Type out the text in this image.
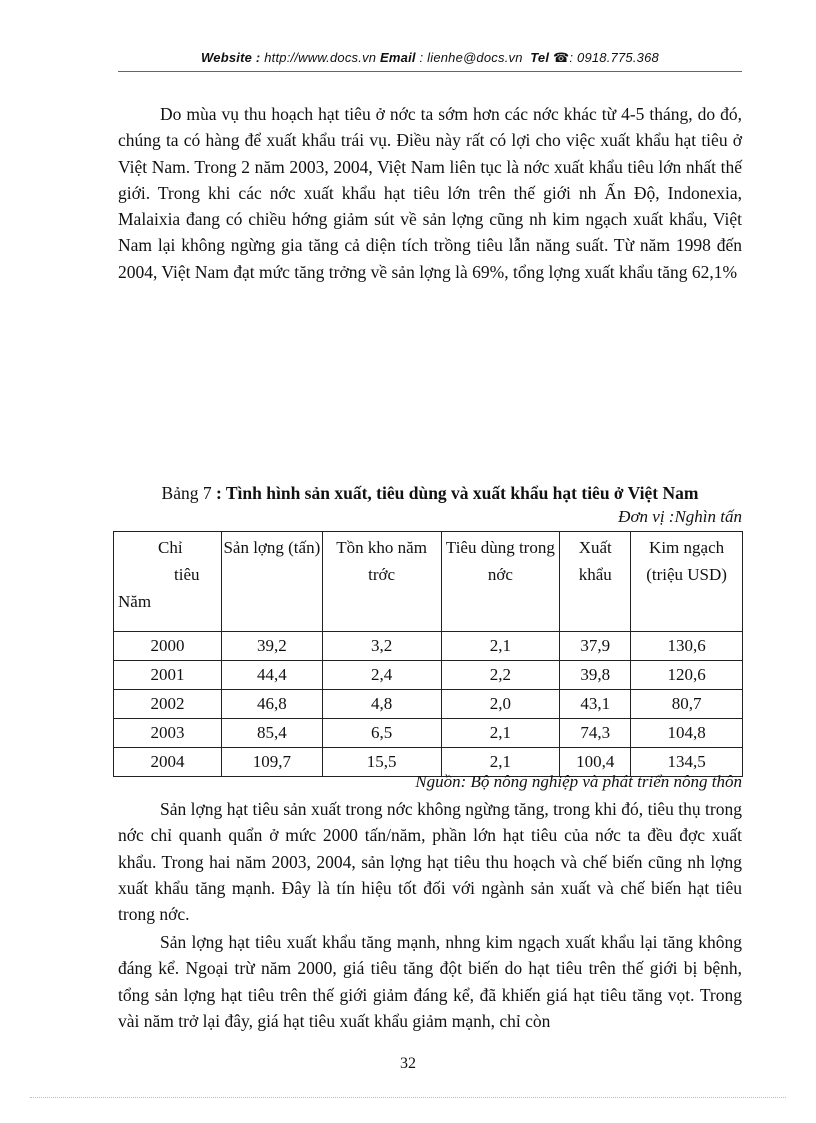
Website : http://www.docs.vn Email : lienhe@docs.vn Tel ☎: 0918.775.368

Do mùa vụ thu hoạch hạt tiêu ở nớc ta sớm hơn các nớc khác từ 4-5 tháng, do đó, chúng ta có hàng để xuất khẩu trái vụ. Điều này rất có lợi cho việc xuất khẩu hạt tiêu ở Việt Nam. Trong 2 năm 2003, 2004, Việt Nam liên tục là nớc xuất khẩu tiêu lớn nhất thế giới. Trong khi các nớc xuất khẩu hạt tiêu lớn trên thế giới nh Ấn Độ, Indonexia, Malaixia đang có chiều hớng giảm sút về sản lợng cũng nh kim ngạch xuất khẩu, Việt Nam lại không ngừng gia tăng cả diện tích trồng tiêu lẫn năng suất. Từ năm 1998 đến 2004, Việt Nam đạt mức tăng trởng về sản lợng là 69%, tổng lợng xuất khẩu tăng 62,1%

Bảng 7 : Tình hình sản xuất, tiêu dùng và xuất khẩu hạt tiêu ở Việt Nam
Đơn vị :Nghìn tấn
Chỉ
tiêu
Năm	Sản lợng (tấn)	Tồn kho năm trớc	Tiêu dùng trong nớc	Xuất khẩu	Kim ngạch (triệu USD)
2000	39,2	3,2	2,1	37,9	130,6
2001	44,4	2,4	2,2	39,8	120,6
2002	46,8	4,8	2,0	43,1	80,7
2003	85,4	6,5	2,1	74,3	104,8
2004	109,7	15,5	2,1	100,4	134,5
Nguồn: Bộ nông nghiệp và phát triển nông thôn

Sản lợng hạt tiêu sản xuất trong nớc không ngừng tăng, trong khi đó, tiêu thụ trong nớc chỉ quanh quẩn ở mức 2000 tấn/năm, phần lớn hạt tiêu của nớc ta đều đợc xuất khẩu. Trong hai năm 2003, 2004, sản lợng hạt tiêu thu hoạch và chế biến cũng nh lợng xuất khẩu tăng mạnh. Đây là tín hiệu tốt đối với ngành sản xuất và chế biến hạt tiêu trong nớc.

Sản lợng hạt tiêu xuất khẩu tăng mạnh, nhng kim ngạch xuất khẩu lại tăng không đáng kể. Ngoại trừ năm 2000, giá tiêu tăng đột biến do hạt tiêu trên thế giới bị bệnh, tổng sản lợng hạt tiêu trên thế giới giảm đáng kể, đã khiến giá hạt tiêu tăng vọt. Trong vài năm trở lại đây, giá hạt tiêu xuất khẩu giảm mạnh, chỉ còn

32
